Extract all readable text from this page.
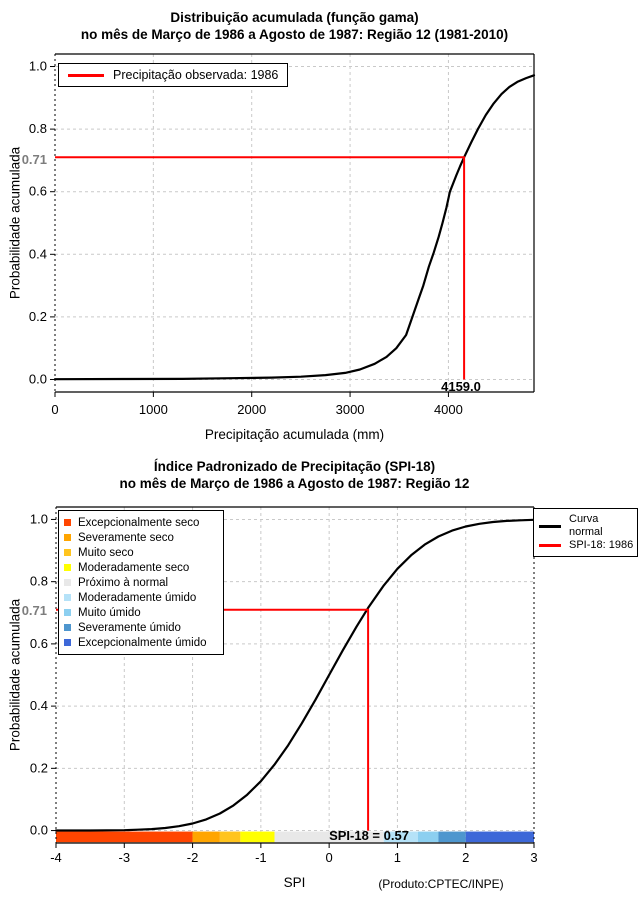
0	1000	2000	3000	4000
0.0
0.2
0.4
0.6
0.8
1.0
-4	-3	-2	-1	0	1	2	3
0.0
0.2
0.4
0.6
0.8
1.0
Distribuição acumulada (função gama)
no mês de Março de 1986 a Agosto de 1987: Região 12 (1981-2010)
Precipitação observada: 1986
0.71
4159.0
Probabilidade acumulada
Precipitação acumulada (mm)
Índice Padronizado de Precipitação (SPI-18)
no mês de Março de 1986 a Agosto de 1987: Região 12
Excepcionalmente seco
Severamente seco
Muito seco
Moderadamente seco
Próximo à normal
Moderadamente úmido
Muito úmido
Severamente úmido
Excepcionalmente úmido
Curva normal
SPI-18: 1986
0.71
SPI-18 = 0.57
Probabilidade acumulada
SPI	(Produto:CPTEC/INPE)
